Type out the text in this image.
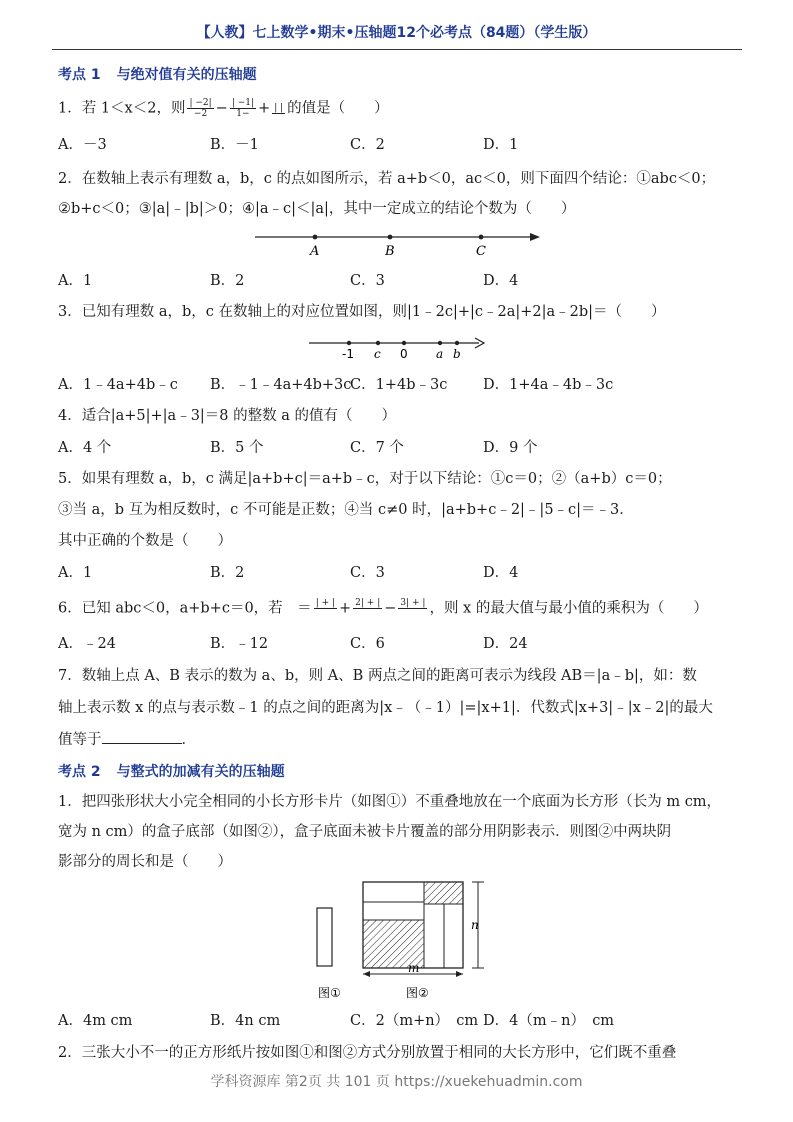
【人教】七上数学•期末•压轴题12个必考点（84题）（学生版）
考点 1 与绝对值有关的压轴题
1．若 1＜x＜2，则 $\frac{| -2|}{-2} - \frac{| -1|}{1-}$ + | | 的值是（　　）
A．－3	B．－1	C．2	D．1
2．在数轴上表示有理数 a，b，c 的点如图所示，若 a+b＜0，ac＜0，则下面四个结论：①abc＜0；
②b+c＜0；③|a|﹣|b|＞0；④|a﹣c|＜|a|，其中一定成立的结论个数为（　　）
A	B	C
A．1	B．2	C．3	D．4
3．已知有理数 a，b，c 在数轴上的对应位置如图，则|1﹣2c|+|c﹣2a|+2|a﹣2b|＝（　　）
-1 c 0 a b
A．1﹣4a+4b﹣c B．﹣1﹣4a+4b+3c
C．1+4b﹣3c D．1+4a﹣4b﹣3c
4．适合|a+5|+|a﹣3|＝8 的整数 a 的值有（　　）
A．4 个	B．5 个	C．7 个	D．9 个
5．如果有理数 a，b，c 满足|a+b+c|＝a+b﹣c，对于以下结论：①c＝0；②（a+b）c＝0；
③当 a，b 互为相反数时，c 不可能是正数；④当 c≠0 时，|a+b+c﹣2|﹣|5﹣c|＝﹣3．
其中正确的个数是（　　）
A．1	B．2	C．3	D．4
6．已知 abc＜0，a+b+c＝0，若　＝ | + |
+ 2| + |
− 3| + |
，则 x 的最大值与最小值的乘积为（　　）
A．﹣24	B．﹣12	C．6	D．24
7．数轴上点 A、B 表示的数为 a、b，则 A、B 两点之间的距离可表示为线段 AB＝|a﹣b|，如：数
轴上表示数 x 的点与表示数﹣1 的点之间的距离为|x﹣（﹣1）|=|x+1|．代数式|x+3|﹣|x﹣2|的最大
值等于	．
考点 2 与整式的加减有关的压轴题
1．把四张形状大小完全相同的小长方形卡片（如图①）不重叠地放在一个底面为长方形（长为 m cm，
宽为 n cm）的盒子底部（如图②），盒子底面未被卡片覆盖的部分用阴影表示．则图②中两块阴
影部分的周长和是（　　）
n
m
图①	图②
A．4m cm	B．4n cm	C．2（m+n）　cm D．4（m﹣n）　cm
2．三张大小不一的正方形纸片按如图①和图②方式分别放置于相同的大长方形中，它们既不重叠
学科资源库 第2页 共 101 页 https://xuekehuadmin.com
